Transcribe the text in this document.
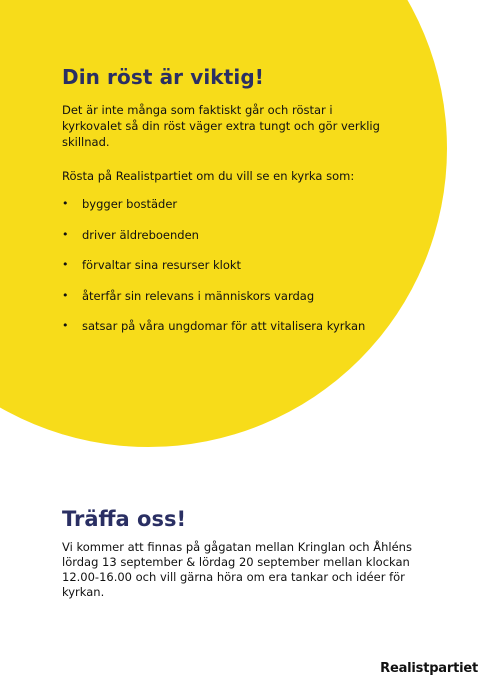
Din röst är viktig!

Det är inte många som faktiskt går och röstar i kyrkovalet så din röst väger extra tungt och gör verklig skillnad.

Rösta på Realistpartiet om du vill se en kyrka som:

• bygger bostäder
• driver äldreboenden
• förvaltar sina resurser klokt
• återfår sin relevans i människors vardag
• satsar på våra ungdomar för att vitalisera kyrkan
Träffa oss!

Vi kommer att finnas på gågatan mellan Kringlan och Åhléns lördag 13 september & lördag 20 september mellan klockan 12.00-16.00 och vill gärna höra om era tankar och idéer för kyrkan.

Realistpartiet
